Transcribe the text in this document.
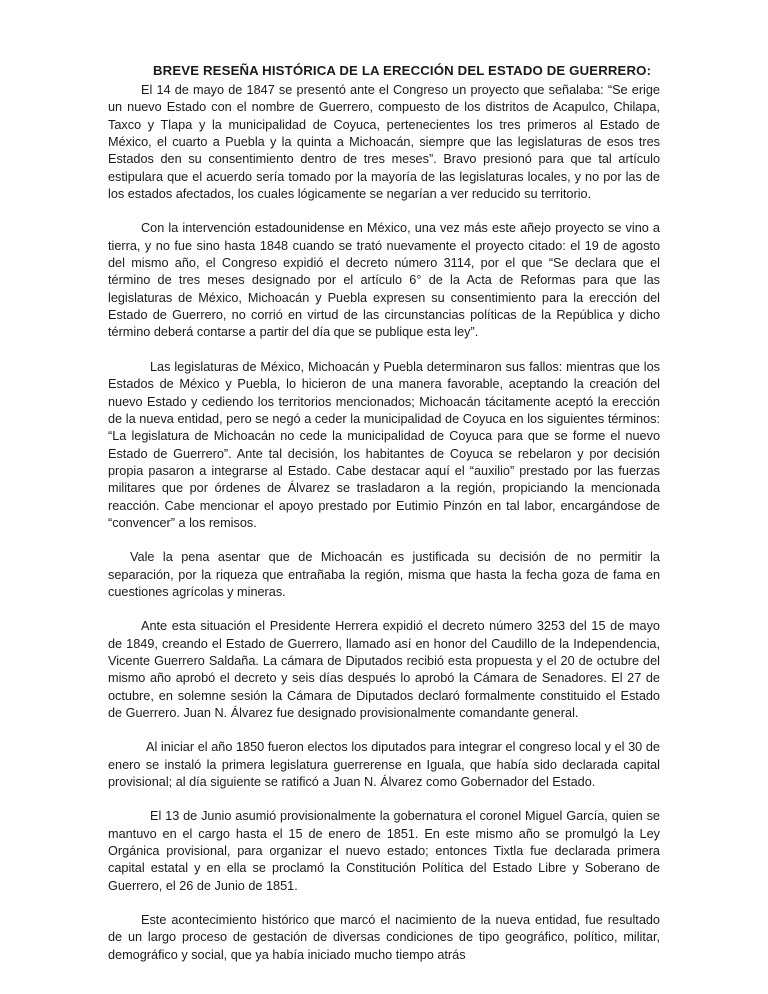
BREVE RESEÑA HISTÓRICA DE LA ERECCIÓN DEL ESTADO DE GUERRERO:

El 14 de mayo de 1847 se presentó ante el Congreso un proyecto que señalaba: “Se erige un nuevo Estado con el nombre de Guerrero, compuesto de los distritos de Acapulco, Chilapa, Taxco y Tlapa y la municipalidad de Coyuca, pertenecientes los tres primeros al Estado de México, el cuarto a Puebla y la quinta a Michoacán, siempre que las legislaturas de esos tres Estados den su consentimiento dentro de tres meses”. Bravo presionó para que tal artículo estipulara que el acuerdo sería tomado por la mayoría de las legislaturas locales, y no por las de los estados afectados, los cuales lógicamente se negarían a ver reducido su territorio.

Con la intervención estadounidense en México, una vez más este añejo proyecto se vino a tierra, y no fue sino hasta 1848 cuando se trató nuevamente el proyecto citado: el 19 de agosto del mismo año, el Congreso expidió el decreto número 3114, por el que “Se declara que el término de tres meses designado por el artículo 6° de la Acta de Reformas para que las legislaturas de México, Michoacán y Puebla expresen su consentimiento para la erección del Estado de Guerrero, no corrió en virtud de las circunstancias políticas de la República y dicho término deberá contarse a partir del día que se publique esta ley”.

Las legislaturas de México, Michoacán y Puebla determinaron sus fallos: mientras que los Estados de México y Puebla, lo hicieron de una manera favorable, aceptando la creación del nuevo Estado y cediendo los territorios mencionados; Michoacán tácitamente aceptó la erección de la nueva entidad, pero se negó a ceder la municipalidad de Coyuca en los siguientes términos: “La legislatura de Michoacán no cede la municipalidad de Coyuca para que se forme el nuevo Estado de Guerrero”. Ante tal decisión, los habitantes de Coyuca se rebelaron y por decisión propia pasaron a integrarse al Estado. Cabe destacar aquí el “auxilio” prestado por las fuerzas militares que por órdenes de Álvarez se trasladaron a la región, propiciando la mencionada reacción. Cabe mencionar el apoyo prestado por Eutimio Pinzón en tal labor, encargándose de “convencer” a los remisos.

Vale la pena asentar que de Michoacán es justificada su decisión de no permitir la separación, por la riqueza que entrañaba la región, misma que hasta la fecha goza de fama en cuestiones agrícolas y mineras.

Ante esta situación el Presidente Herrera expidió el decreto número 3253 del 15 de mayo de 1849, creando el Estado de Guerrero, llamado así en honor del Caudillo de la Independencia, Vicente Guerrero Saldaña. La cámara de Diputados recibió esta propuesta y el 20 de octubre del mismo año aprobó el decreto y seis días después lo aprobó la Cámara de Senadores. El 27 de octubre, en solemne sesión la Cámara de Diputados declaró formalmente constituido el Estado de Guerrero. Juan N. Álvarez fue designado provisionalmente comandante general.

Al iniciar el año 1850 fueron electos los diputados para integrar el congreso local y el 30 de enero se instaló la primera legislatura guerrerense en Iguala, que había sido declarada capital provisional; al día siguiente se ratificó a Juan N. Álvarez como Gobernador del Estado.

El 13 de Junio asumió provisionalmente la gobernatura el coronel Miguel García, quien se mantuvo en el cargo hasta el 15 de enero de 1851. En este mismo año se promulgó la Ley Orgánica provisional, para organizar el nuevo estado; entonces Tixtla fue declarada primera capital estatal y en ella se proclamó la Constitución Política del Estado Libre y Soberano de Guerrero, el 26 de Junio de 1851.

Este acontecimiento histórico que marcó el nacimiento de la nueva entidad, fue resultado de un largo proceso de gestación de diversas condiciones de tipo geográfico, político, militar, demográfico y social, que ya había iniciado mucho tiempo atrás
